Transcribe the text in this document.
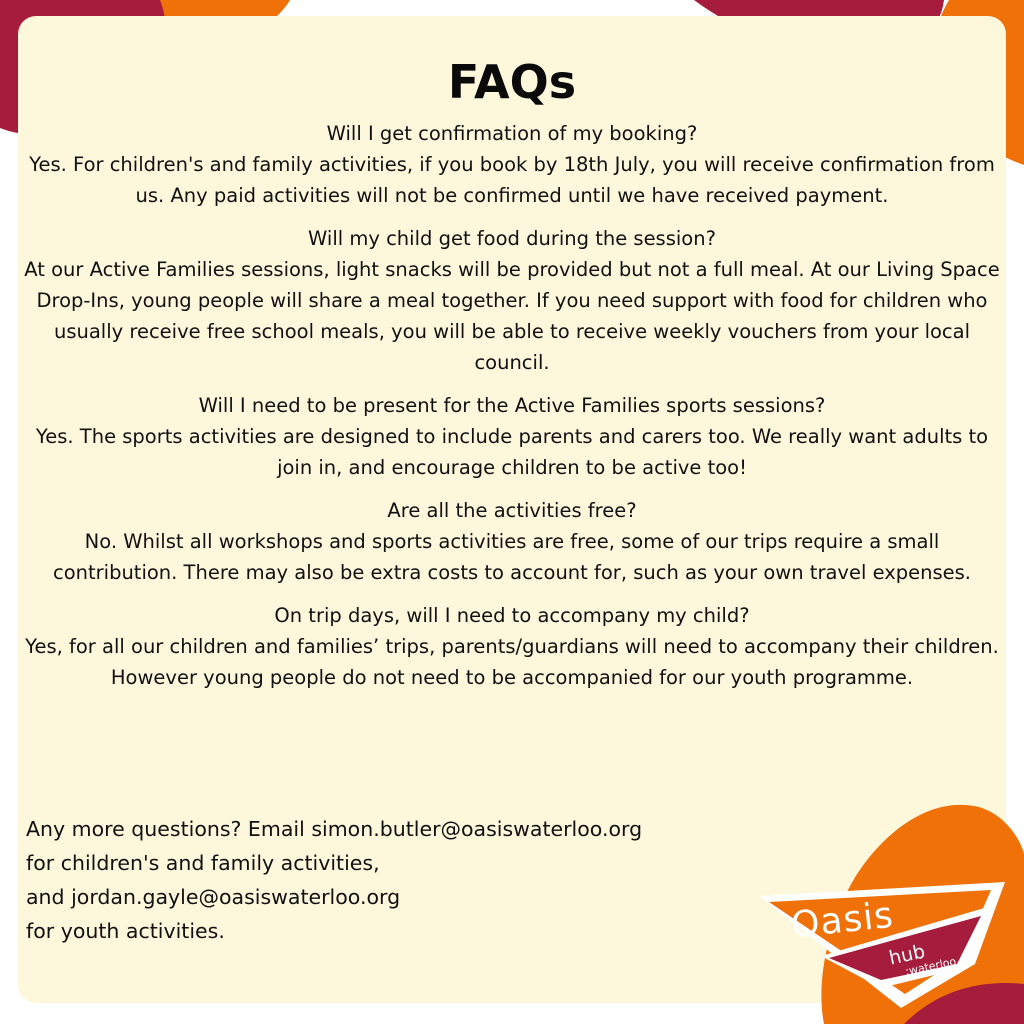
FAQs

Will I get confirmation of my booking?

Yes. For children's and family activities, if you book by 18th July, you will receive confirmation from us. Any paid activities will not be confirmed until we have received payment.

Will my child get food during the session?

At our Active Families sessions, light snacks will be provided but not a full meal. At our Living Space Drop-Ins, young people will share a meal together. If you need support with food for children who usually receive free school meals, you will be able to receive weekly vouchers from your local council.

Will I need to be present for the Active Families sports sessions?

Yes. The sports activities are designed to include parents and carers too. We really want adults to join in, and encourage children to be active too!

Are all the activities free?

No. Whilst all workshops and sports activities are free, some of our trips require a small contribution. There may also be extra costs to account for, such as your own travel expenses.

On trip days, will I need to accompany my child?

Yes, for all our children and families’ trips, parents/guardians will need to accompany their children. However young people do not need to be accompanied for our youth programme.

Any more questions? Email simon.butler@oasiswaterloo.org
for children's and family activities,
and jordan.gayle@oasiswaterloo.org
for youth activities.	Oasis
hub
:waterloo
